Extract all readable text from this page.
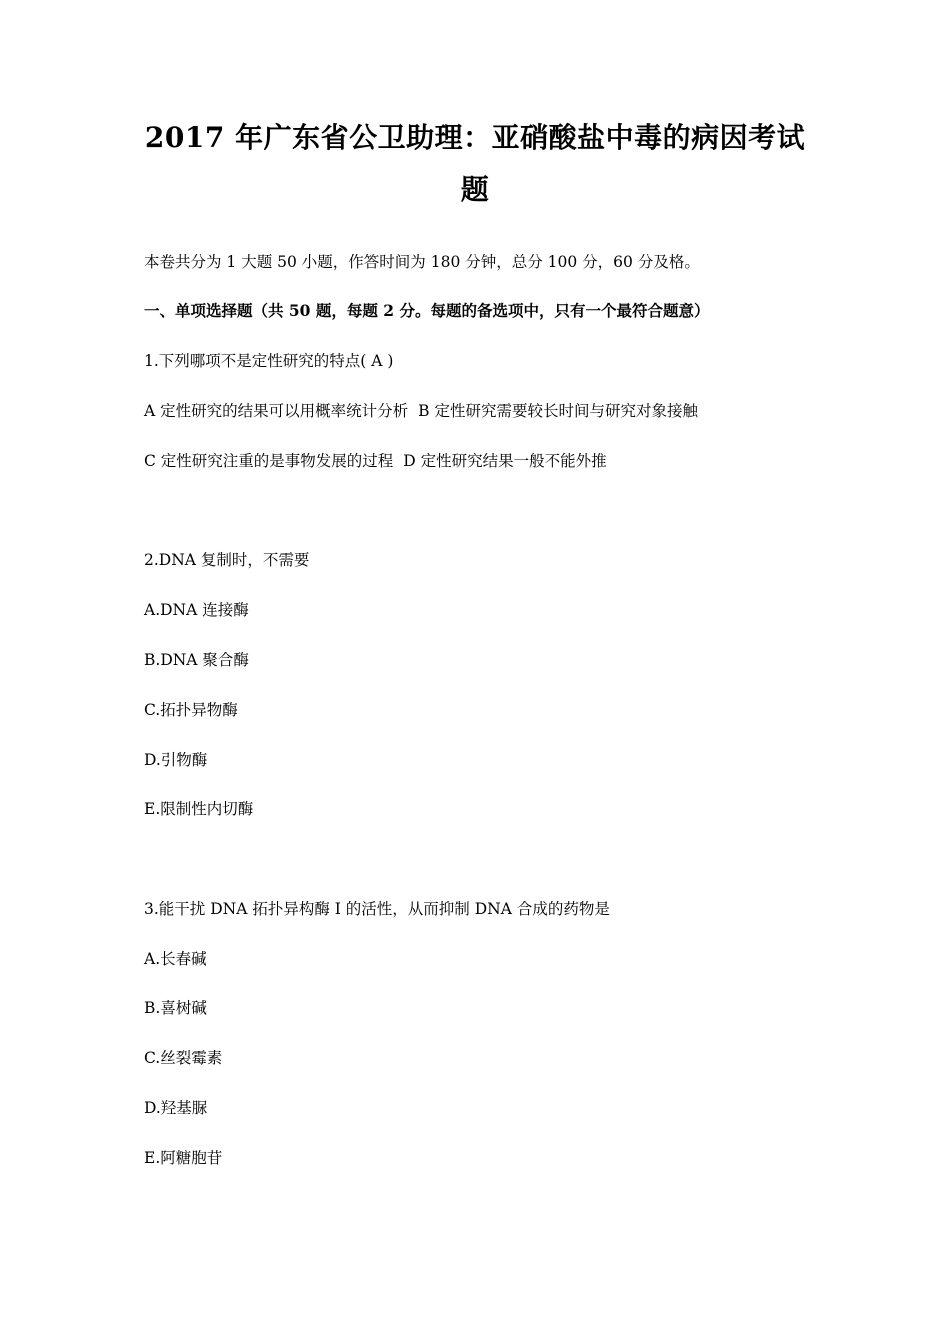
2017 年广东省公卫助理：亚硝酸盐中毒的病因考试
题

本卷共分为 1 大题 50 小题，作答时间为 180 分钟，总分 100 分，60 分及格。

一、单项选择题（共 50 题，每题 2 分。每题的备选项中，只有一个最符合题意）

1.下列哪项不是定性研究的特点( A )

A 定性研究的结果可以用概率统计分析 B 定性研究需要较长时间与研究对象接触

C 定性研究注重的是事物发展的过程 D 定性研究结果一般不能外推

2.DNA 复制时，不需要

A.DNA 连接酶

B.DNA 聚合酶

C.拓扑异物酶

D.引物酶

E.限制性内切酶

3.能干扰 DNA 拓扑异构酶 I 的活性，从而抑制 DNA 合成的药物是

A.长春碱

B.喜树碱

C.丝裂霉素

D.羟基脲

E.阿糖胞苷
